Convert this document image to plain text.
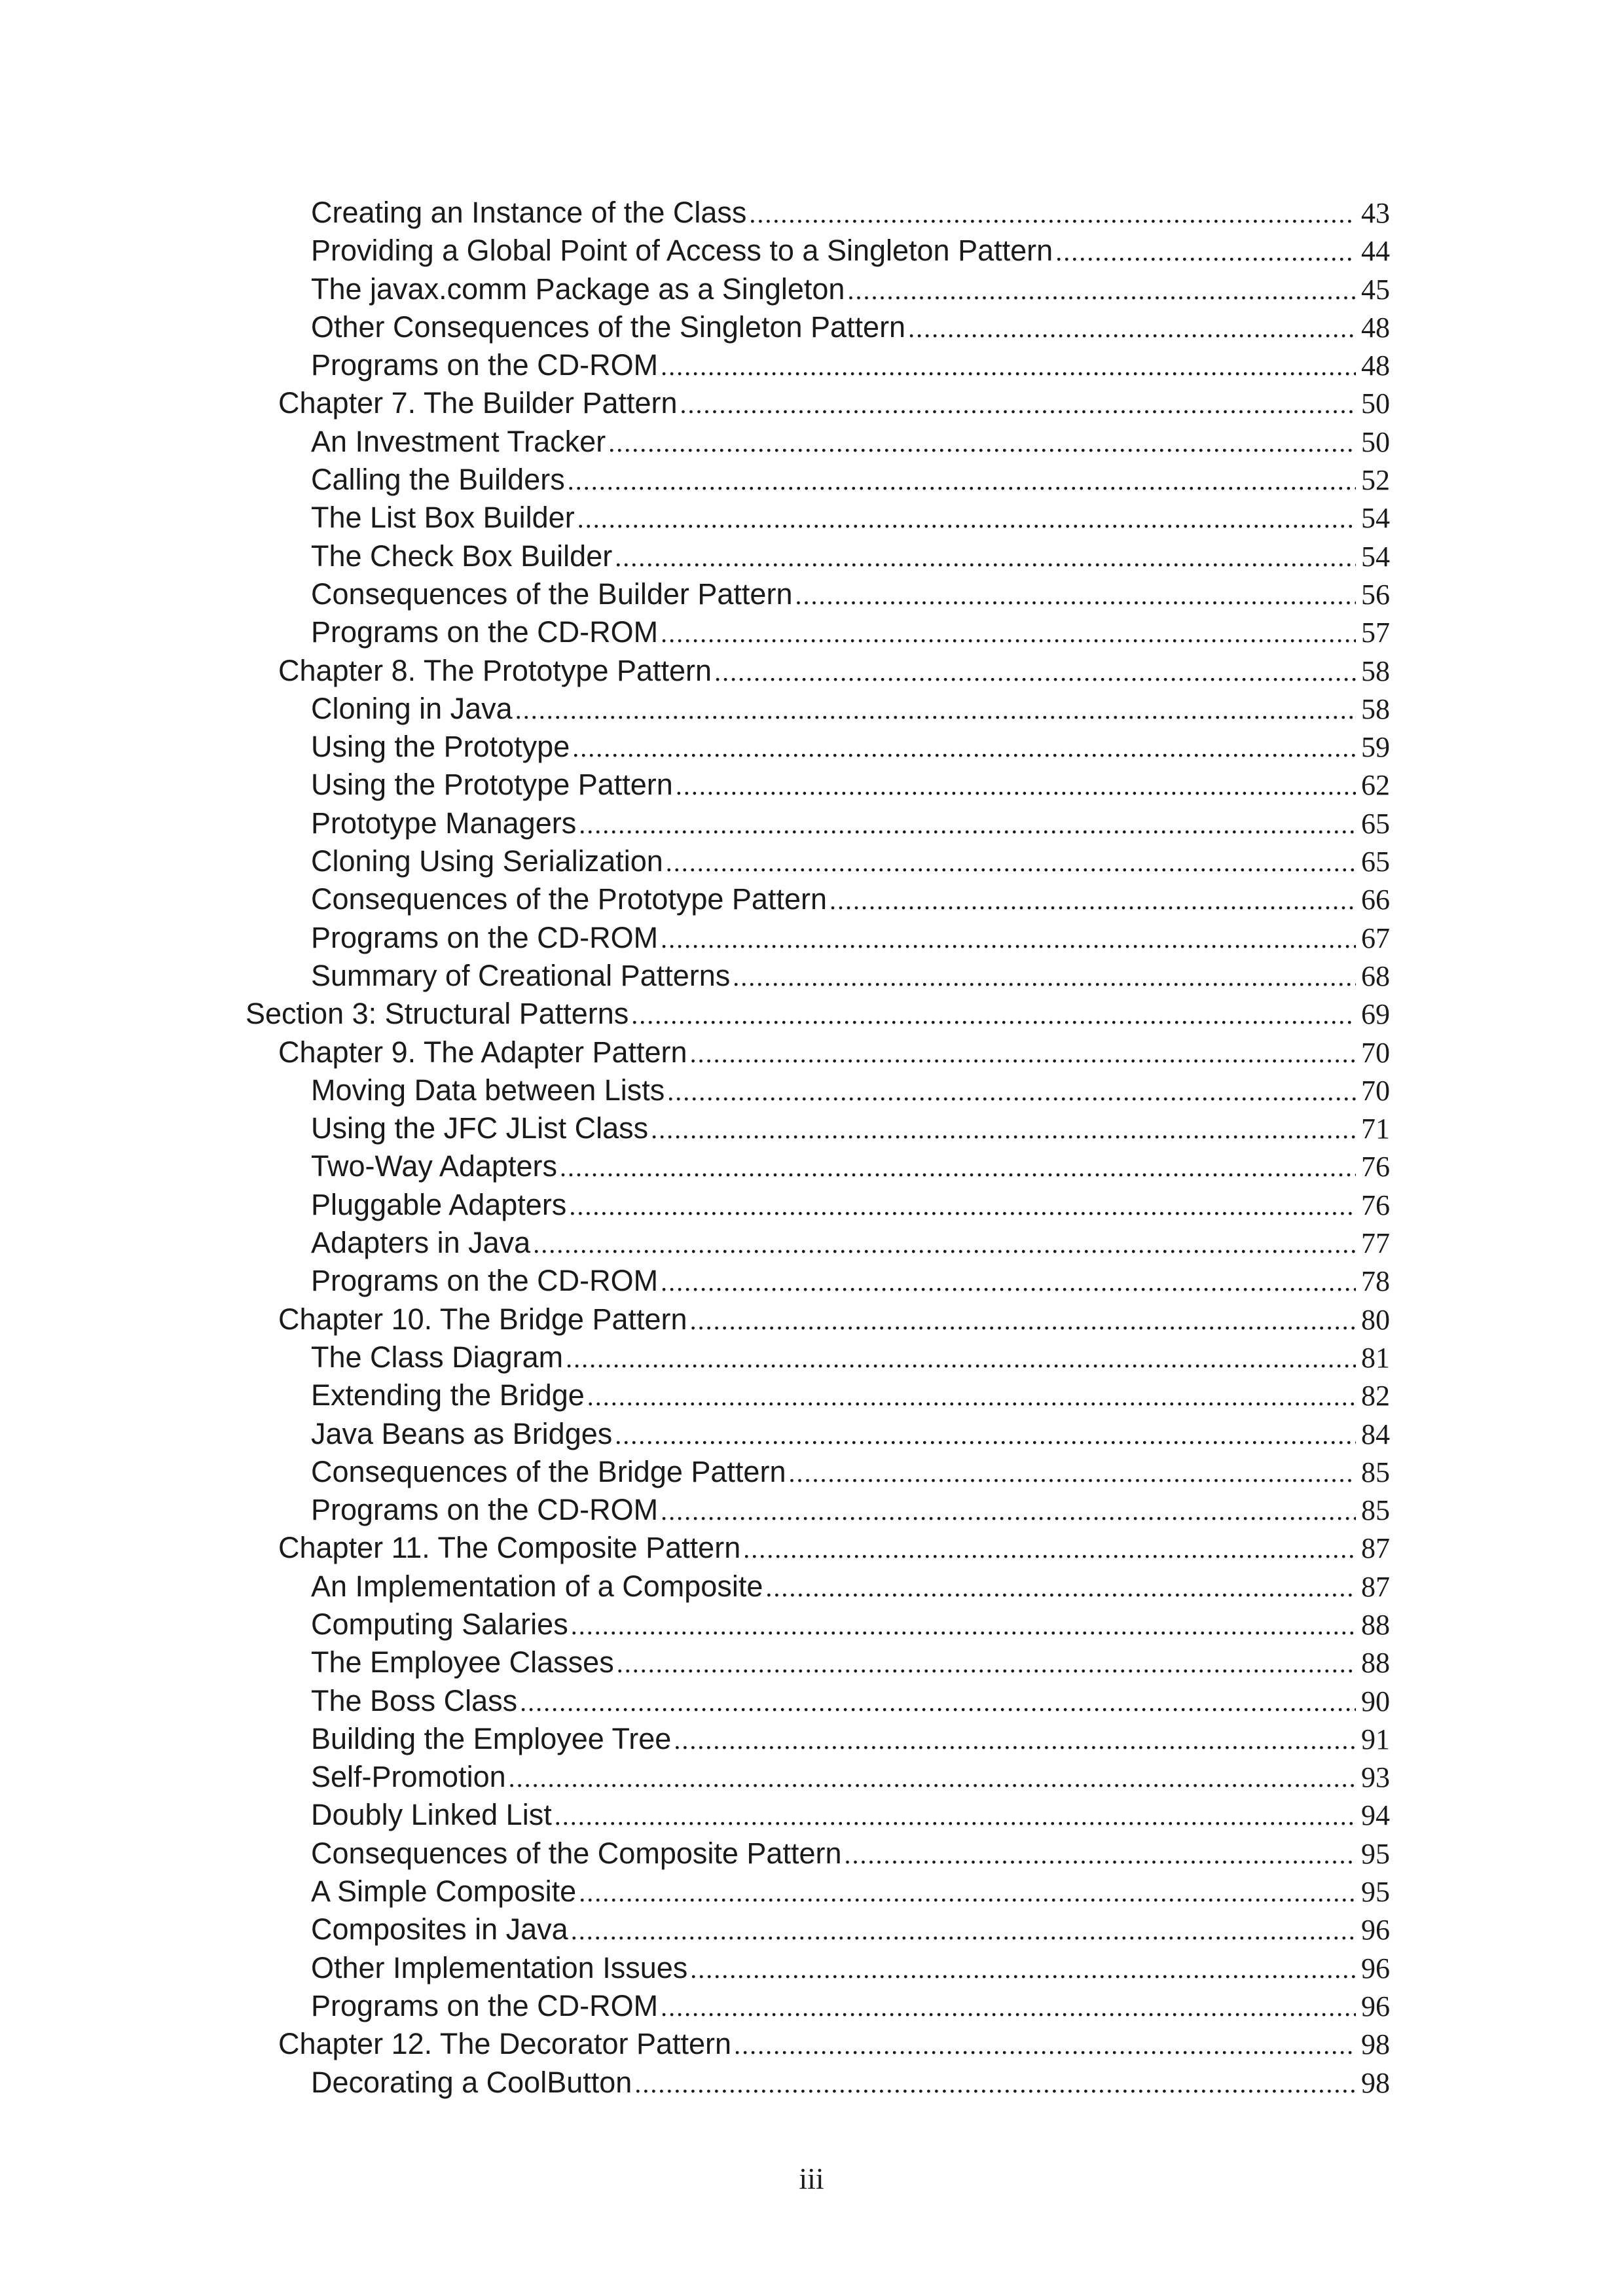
Creating an Instance of the Class .....	43
Providing a Global Point of Access to a Singleton Pattern .....	44
The javax.comm Package as a Singleton .....	45
Other Consequences of the Singleton Pattern .....	48
Programs on the CD-ROM .....	48
Chapter 7. The Builder Pattern .....	50
An Investment Tracker .....	50
Calling the Builders .....	52
The List Box Builder .....	54
The Check Box Builder .....	54
Consequences of the Builder Pattern .....	56
Programs on the CD-ROM .....	57
Chapter 8. The Prototype Pattern .....	58
Cloning in Java .....	58
Using the Prototype .....	59
Using the Prototype Pattern .....	62
Prototype Managers .....	65
Cloning Using Serialization .....	65
Consequences of the Prototype Pattern .....	66
Programs on the CD-ROM .....	67
Summary of Creational Patterns .....	68
Section 3: Structural Patterns .....	69
Chapter 9. The Adapter Pattern .....	70
Moving Data between Lists .....	70
Using the JFC JList Class .....	71
Two-Way Adapters .....	76
Pluggable Adapters .....	76
Adapters in Java .....	77
Programs on the CD-ROM .....	78
Chapter 10. The Bridge Pattern .....	80
The Class Diagram .....	81
Extending the Bridge .....	82
Java Beans as Bridges .....	84
Consequences of the Bridge Pattern .....	85
Programs on the CD-ROM .....	85
Chapter 11. The Composite Pattern .....	87
An Implementation of a Composite .....	87
Computing Salaries .....	88
The Employee Classes .....	88
The Boss Class .....	90
Building the Employee Tree .....	91
Self-Promotion .....	93
Doubly Linked List .....	94
Consequences of the Composite Pattern .....	95
A Simple Composite .....	95
Composites in Java .....	96
Other Implementation Issues .....	96
Programs on the CD-ROM .....	96
Chapter 12. The Decorator Pattern .....	98
Decorating a CoolButton .....	98
iii
